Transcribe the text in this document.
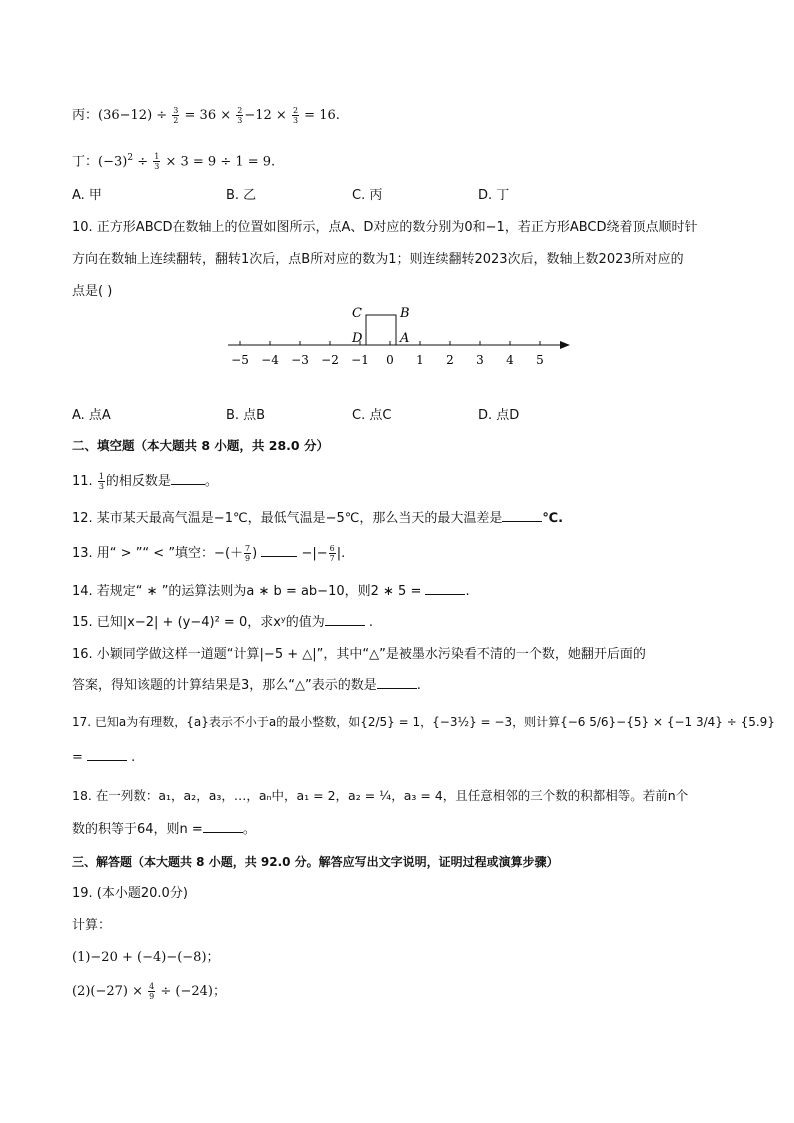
丙：$(36-12) \div \frac{3}{2} = 36 \times \frac{2}{3} -12 \times \frac{2}{3} = 16$.
丁：$(-3)^2 \div \frac{1}{3} \times 3 = 9 \div 1 = 9$.
A. 甲	B. 乙	C. 丙	D. 丁
10. 正方形ABCD在数轴上的位置如图所示，点A、D对应的数分别为0和−1，若正方形ABCD绕着顶点顺时针
方向在数轴上连续翻转，翻转1次后，点B所对应的数为1；则连续翻转2023次后，数轴上数2023所对应的
点是( )
−5 −4 −3 −2 −1 0 1 2 3 4 5
C	B
D	A
A. 点A	B. 点B	C. 点C	D. 点D
二、填空题（本大题共 8 小题，共 28.0 分）
11. $\frac{1}{3}$ 的相反数是	。
12. 某市某天最高气温是−1℃，最低气温是−5℃，那么当天的最大温差是	℃.
13. 用“ > ”“ < ”填空：−(＋ $\frac{7}{9}$ )	−|− $\frac{6}{7}$ |.
14. 若规定“ ∗ ”的运算法则为a ∗ b = ab−10，则2 ∗ 5 =	.
15. 已知|x−2| + (y−4)² = 0，求xʸ的值为	.
16. 小颖同学做这样一道题“计算|−5 + △|”，其中“△”是被墨水污染看不清的一个数，她翻开后面的
答案，得知该题的计算结果是3，那么“△”表示的数是	.
17. 已知a为有理数，{a}表示不小于a的最小整数，如{2/5} = 1，{−3½} = −3，则计算{−6 5/6}−{5} × {−1 3/4} ÷ {5.9}
=	.
18. 在一列数：a₁，a₂，a₃，…，aₙ中，a₁ = 2，a₂ = ¼，a₃ = 4，且任意相邻的三个数的积都相等。若前n个
数的积等于64，则n =	。
三、解答题（本大题共 8 小题，共 92.0 分。解答应写出文字说明，证明过程或演算步骤）
19. (本小题20.0分)
计算：
(1)−20 + (−4)−(−8)；
$(2)(-27) \times \frac{4}{9} \div (-24)$；
